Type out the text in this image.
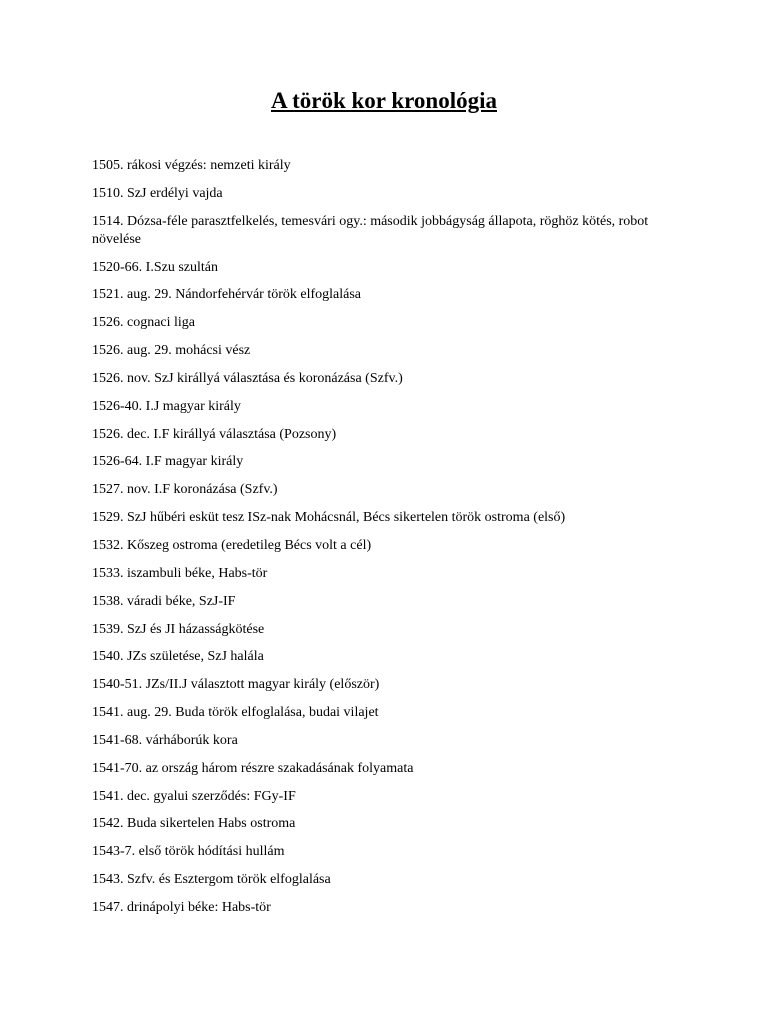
A török kor kronológia
1505. rákosi végzés: nemzeti király
1510. SzJ erdélyi vajda
1514. Dózsa-féle parasztfelkelés, temesvári ogy.: második jobbágyság állapota, röghöz kötés, robot növelése
1520-66. I.Szu szultán
1521. aug. 29. Nándorfehérvár török elfoglalása
1526. cognaci liga
1526. aug. 29. mohácsi vész
1526. nov. SzJ királlyá választása és koronázása (Szfv.)
1526-40. I.J magyar király
1526. dec. I.F királlyá választása (Pozsony)
1526-64. I.F magyar király
1527. nov. I.F koronázása (Szfv.)
1529. SzJ hűbéri esküt tesz ISz-nak Mohácsnál, Bécs sikertelen török ostroma (első)
1532. Kőszeg ostroma (eredetileg Bécs volt a cél)
1533. iszambuli béke, Habs-tör
1538. váradi béke, SzJ-IF
1539. SzJ és JI házasságkötése
1540. JZs születése, SzJ halála
1540-51. JZs/II.J választott magyar király (először)
1541. aug. 29. Buda török elfoglalása, budai vilajet
1541-68. várháborúk kora
1541-70. az ország három részre szakadásának folyamata
1541. dec. gyalui szerződés: FGy-IF
1542. Buda sikertelen Habs ostroma
1543-7. első török hódítási hullám
1543. Szfv. és Esztergom török elfoglalása
1547. drinápolyi béke: Habs-tör
